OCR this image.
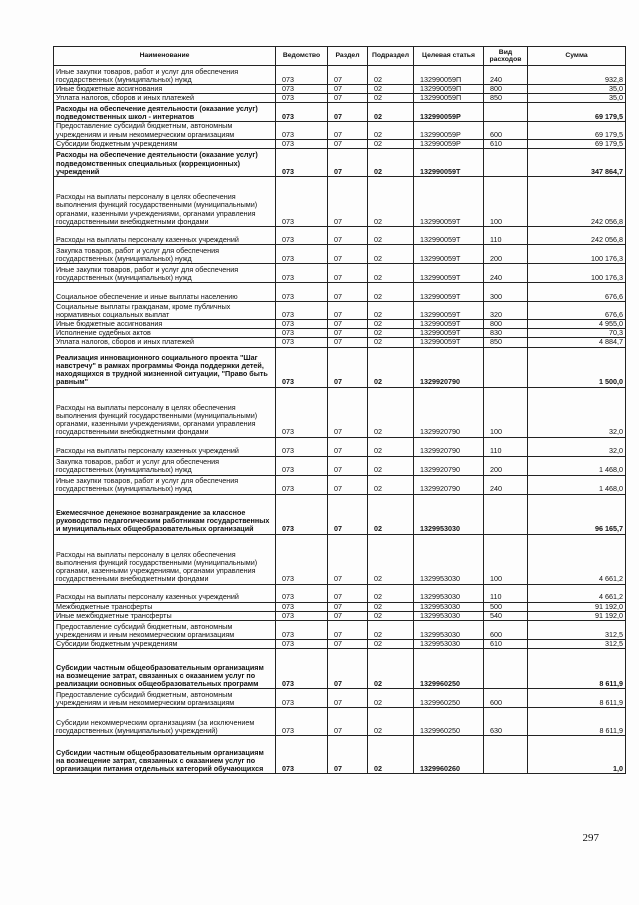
Наименование	Ведомство	Раздел	Подраздел	Целевая статья	Вид расходов	Сумма
Иные закупки товаров, работ и услуг для обеспечения государственных (муниципальных) нужд	073	07	02	132990059П	240	932,8
Иные бюджетные ассигнования	073	07	02	132990059П	800	35,0
Уплата налогов, сборов и иных платежей	073	07	02	132990059П	850	35,0
Расходы на обеспечение деятельности (оказание услуг) подведомственных школ - интернатов	073	07	02	132990059Р		69 179,5
Предоставление субсидий бюджетным, автономным учреждениям и иным некоммерческим организациям	073	07	02	132990059Р	600	69 179,5
Субсидии бюджетным учреждениям	073	07	02	132990059Р	610	69 179,5
Расходы на обеспечение деятельности (оказание услуг) подведомственных специальных (коррекционных) учреждений	073	07	02	132990059Т		347 864,7
Расходы на выплаты персоналу в целях обеспечения выполнения функций государственными (муниципальными) органами, казенными учреждениями, органами управления государственными внебюджетными фондами	073	07	02	132990059Т	100	242 056,8
Расходы на выплаты персоналу казенных учреждений	073	07	02	132990059Т	110	242 056,8
Закупка товаров, работ и услуг для обеспечения государственных (муниципальных) нужд	073	07	02	132990059Т	200	100 176,3
Иные закупки товаров, работ и услуг для обеспечения государственных (муниципальных) нужд	073	07	02	132990059Т	240	100 176,3
Социальное обеспечение и иные выплаты населению	073	07	02	132990059Т	300	676,6
Социальные выплаты гражданам, кроме публичных нормативных социальных выплат	073	07	02	132990059Т	320	676,6
Иные бюджетные ассигнования	073	07	02	132990059Т	800	4 955,0
Исполнение судебных актов	073	07	02	132990059Т	830	70,3
Уплата налогов, сборов и иных платежей	073	07	02	132990059Т	850	4 884,7
Реализация инновационного социального проекта "Шаг навстречу" в рамках программы Фонда поддержки детей, находящихся в трудной жизненной ситуации, "Право быть равным"	073	07	02	1329920790		1 500,0
Расходы на выплаты персоналу в целях обеспечения выполнения функций государственными (муниципальными) органами, казенными учреждениями, органами управления государственными внебюджетными фондами	073	07	02	1329920790	100	32,0
Расходы на выплаты персоналу казенных учреждений	073	07	02	1329920790	110	32,0
Закупка товаров, работ и услуг для обеспечения государственных (муниципальных) нужд	073	07	02	1329920790	200	1 468,0
Иные закупки товаров, работ и услуг для обеспечения государственных (муниципальных) нужд	073	07	02	1329920790	240	1 468,0
Ежемесячное денежное вознаграждение за классное руководство педагогическим работникам государственных и муниципальных общеобразовательных организаций	073	07	02	1329953030		96 165,7
Расходы на выплаты персоналу в целях обеспечения выполнения функций государственными (муниципальными) органами, казенными учреждениями, органами управления государственными внебюджетными фондами	073	07	02	1329953030	100	4 661,2
Расходы на выплаты персоналу казенных учреждений	073	07	02	1329953030	110	4 661,2
Межбюджетные трансферты	073	07	02	1329953030	500	91 192,0
Иные межбюджетные трансферты	073	07	02	1329953030	540	91 192,0
Предоставление субсидий бюджетным, автономным учреждениям и иным некоммерческим организациям	073	07	02	1329953030	600	312,5
Субсидии бюджетным учреждениям	073	07	02	1329953030	610	312,5
Субсидии частным общеобразовательным организациям на возмещение затрат, связанных с оказанием услуг по реализации основных общеобразовательных программ	073	07	02	1329960250		8 611,9
Предоставление субсидий бюджетным, автономным учреждениям и иным некоммерческим организациям	073	07	02	1329960250	600	8 611,9
Субсидии некоммерческим организациям (за исключением государственных (муниципальных) учреждений)	073	07	02	1329960250	630	8 611,9
Субсидии частным общеобразовательным организациям на возмещение затрат, связанных с оказанием услуг по организации питания отдельных категорий обучающихся	073	07	02	1329960260		1,0
297
